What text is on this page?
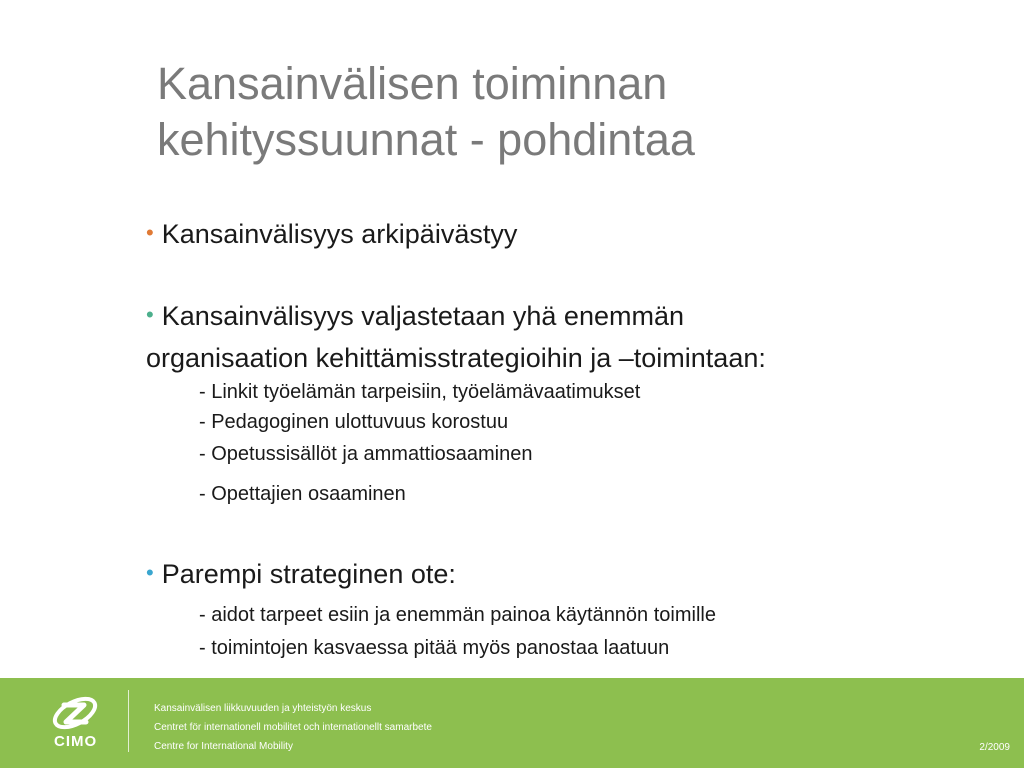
Kansainvälisen toiminnan
kehityssuunnat - pohdintaa
• Kansainvälisyys arkipäivästyy
• Kansainvälisyys valjastetaan yhä enemmän
organisaation kehittämisstrategioihin ja –toimintaan:
- Linkit työelämän tarpeisiin, työelämävaatimukset
- Pedagoginen ulottuvuus korostuu
- Opetussisällöt ja ammattiosaaminen
- Opettajien osaaminen
• Parempi strateginen ote:
- aidot tarpeet esiin ja enemmän painoa käytännön toimille
- toimintojen kasvaessa pitää myös panostaa laatuun
CIMO
Kansainvälisen liikkuvuuden ja yhteistyön keskus
Centret för internationell mobilitet och internationellt samarbete
Centre for International Mobility	2/2009
